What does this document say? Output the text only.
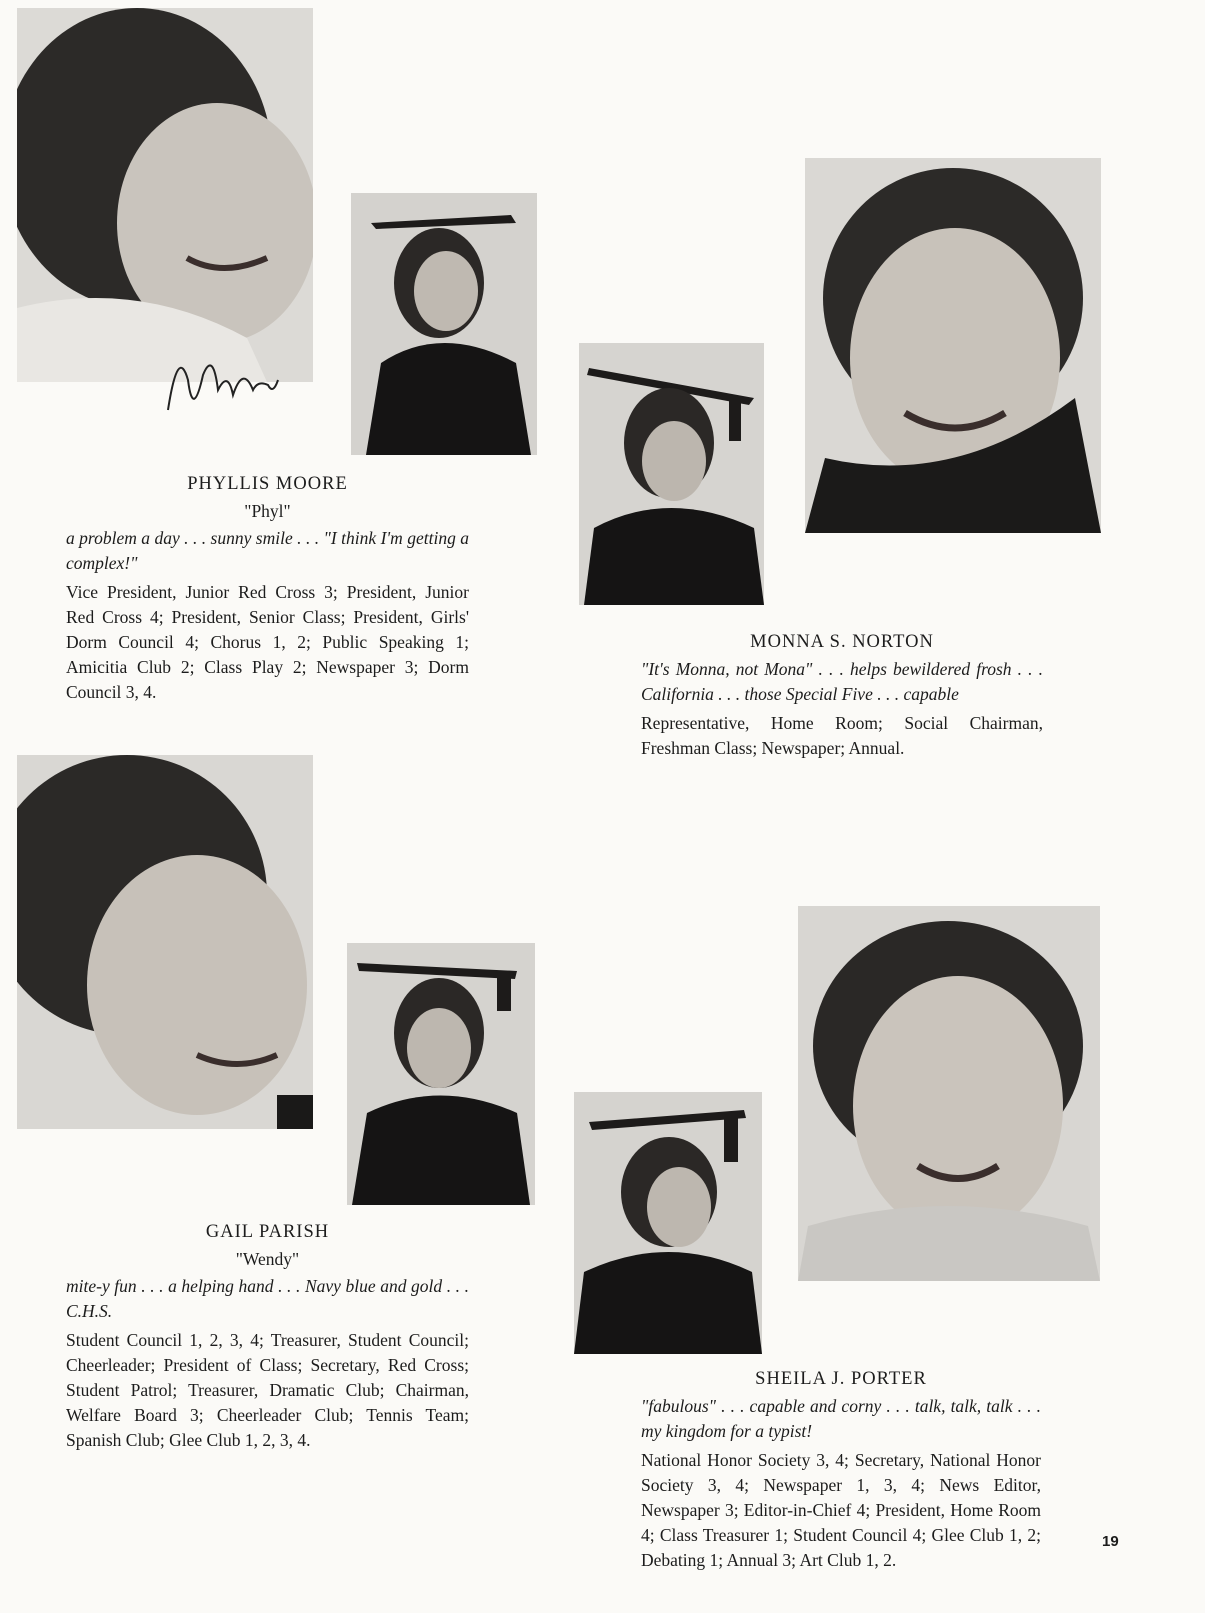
PHYLLIS MOORE
"Phyl"
a problem a day . . . sunny smile . . . "I think I'm getting a complex!"
Vice President, Junior Red Cross 3; President, Junior Red Cross 4; President, Senior Class; President, Girls' Dorm Council 4; Chorus 1, 2; Public Speaking 1; Amicitia Club 2; Class Play 2; Newspaper 3; Dorm Council 3, 4.
MONNA S. NORTON
"It's Monna, not Mona" . . . helps bewildered frosh . . . California . . . those Special Five . . . capable
Representative, Home Room; Social Chairman, Freshman Class; Newspaper; Annual.
GAIL PARISH
"Wendy"
mite-y fun . . . a helping hand . . . Navy blue and gold . . . C.H.S.
Student Council 1, 2, 3, 4; Treasurer, Student Council; Cheerleader; President of Class; Secretary, Red Cross; Student Patrol; Treasurer, Dramatic Club; Chairman, Welfare Board 3; Cheerleader Club; Tennis Team; Spanish Club; Glee Club 1, 2, 3, 4.
SHEILA J. PORTER
"fabulous" . . . capable and corny . . . talk, talk, talk . . . my kingdom for a typist!
National Honor Society 3, 4; Secretary, National Honor Society 3, 4; Newspaper 1, 3, 4; News Editor, Newspaper 3; Editor-in-Chief 4; President, Home Room 4; Class Treasurer 1; Student Council 4; Glee Club 1, 2; Debating 1; Annual 3; Art Club 1, 2.
19
